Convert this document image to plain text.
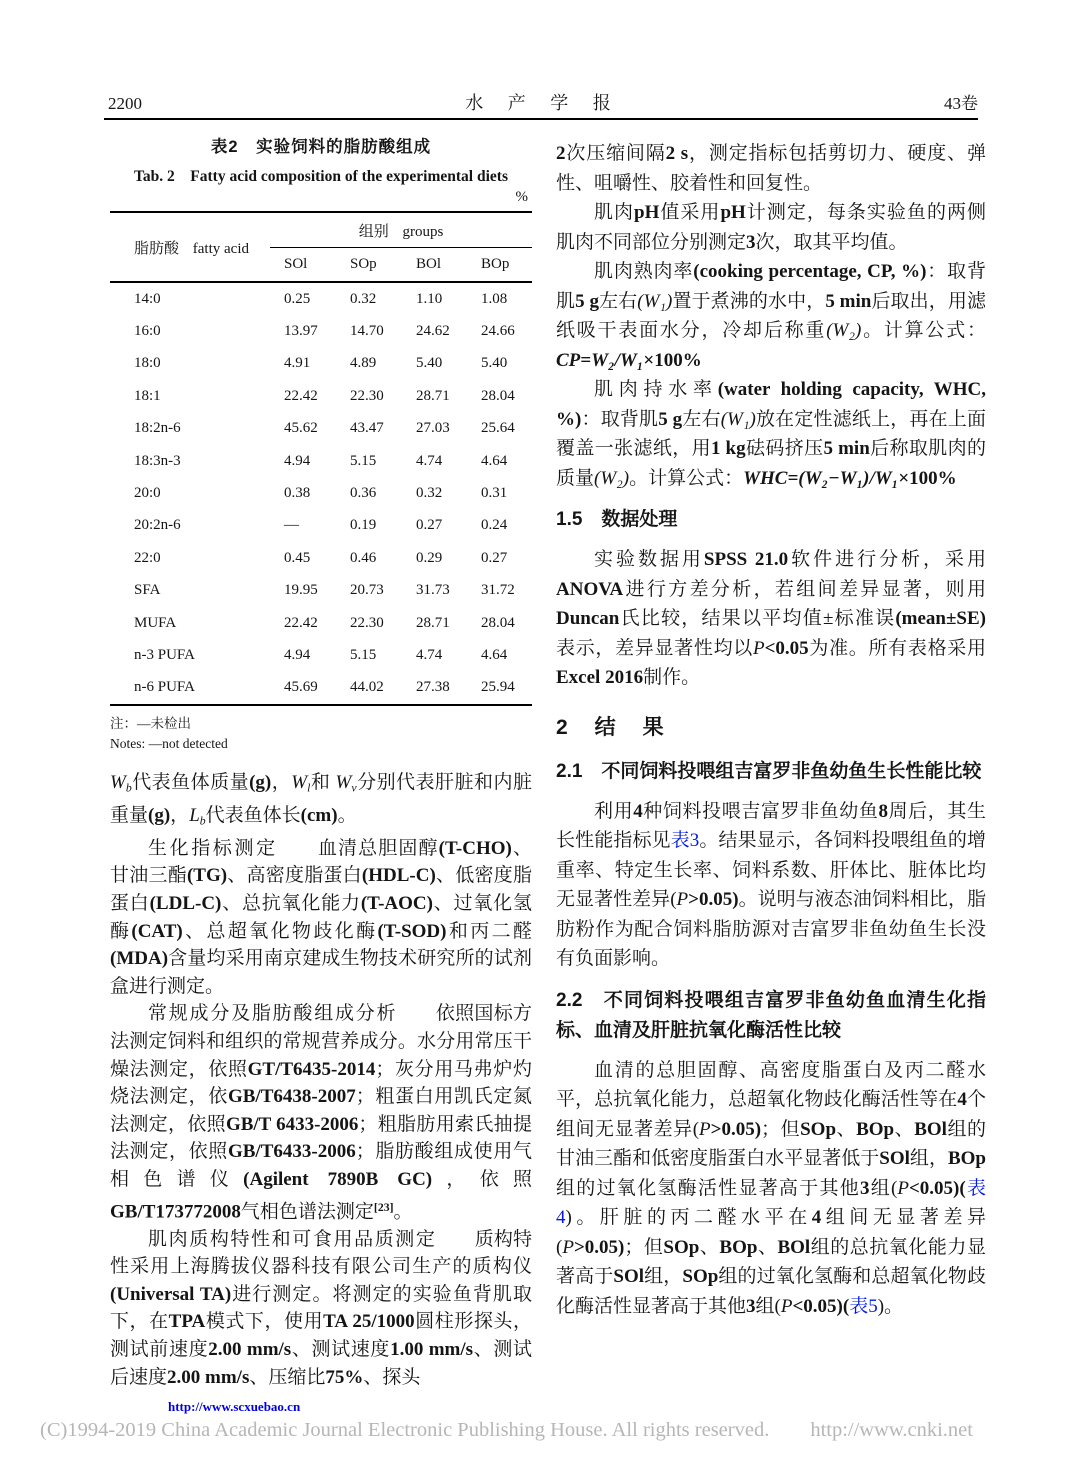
2200	水 产 学 报	43卷
表2　实验饲料的脂肪酸组成
Tab. 2　Fatty acid composition of the experimental diets
%
脂肪酸 fatty acid	组别 groups			
	SOl	SOp	BOl	BOp
14:0	0.25	0.32	1.10	1.08
16:0	13.97	14.70	24.62	24.66
18:0	4.91	4.89	5.40	5.40
18:1	22.42	22.30	28.71	28.04
18:2n-6	45.62	43.47	27.03	25.64
18:3n-3	4.94	5.15	4.74	4.64
20:0	0.38	0.36	0.32	0.31
20:2n-6	—	0.19	0.27	0.24
22:0	0.45	0.46	0.29	0.27
SFA	19.95	20.73	31.73	31.72
MUFA	22.42	22.30	28.71	28.04
n-3 PUFA	4.94	5.15	4.74	4.64
n-6 PUFA	45.69	44.02	27.38	25.94
注：—未检出
Notes: —not detected
$W_b$代表鱼体质量(g)，$W_l$和 $W_v$分别代表肝脏和内脏重量(g)，$L_b$代表鱼体长(cm)。
生化指标测定　　 血清总胆固醇(T-CHO)、甘油三酯(TG)、高密度脂蛋白(HDL-C)、低密度脂蛋白(LDL-C)、总抗氧化能力(T-AOC)、过氧化氢酶(CAT)、总超氧化物歧化酶(T-SOD)和丙二醛(MDA)含量均采用南京建成生物技术研究所的试剂盒进行测定。
常规成分及脂肪酸组成分析　　 依照国标方法测定饲料和组织的常规营养成分。水分用常压干燥法测定，依照GT/T6435-2014；灰分用马弗炉灼烧法测定，依GB/T6438-2007；粗蛋白用凯氏定氮法测定，依照GB/T 6433-2006；粗脂肪用索氏抽提法测定，依照GB/T6433-2006；脂肪酸组成使用气相色谱仪(Agilent 7890B GC)，依照GB/T173772008气相色谱法测定[23]。
肌肉质构特性和可食用品质测定　　 质构特性采用上海腾拔仪器科技有限公司生产的质构仪(Universal TA)进行测定。将测定的实验鱼背肌取下，在TPA模式下，使用TA 25/1000圆柱形探头，测试前速度2.00 mm/s、测试速度1.00 mm/s、测试后速度2.00 mm/s、压缩比75%、探头
2次压缩间隔2 s，测定指标包括剪切力、硬度、弹性、咀嚼性、胶着性和回复性。
肌肉pH值采用pH计测定，每条实验鱼的两侧肌肉不同部位分别测定3次，取其平均值。
肌肉熟肉率(cooking percentage, CP, %)：取背肌5 g左右(W₁)置于煮沸的水中，5 min后取出，用滤纸吸干表面水分，冷却后称重(W₂)。计算公式：CP=W₂/W₁×100%
肌肉持水率(water holding capacity, WHC, %)：取背肌5 g左右(W₁)放在定性滤纸上，再在上面覆盖一张滤纸，用1 kg砝码挤压5 min后称取肌肉的质量(W₂)。计算公式：WHC=(W₂−W₁)/W₁×100%
1.5　数据处理
实验数据用SPSS 21.0软件进行分析，采用ANOVA进行方差分析，若组间差异显著，则用Duncan氏比较，结果以平均值±标准误(mean±SE)表示，差异显著性均以P<0.05为准。所有表格采用Excel 2016制作。
2　结　果
2.1　不同饲料投喂组吉富罗非鱼幼鱼生长性能比较
利用4种饲料投喂吉富罗非鱼幼鱼8周后，其生长性能指标见表3。结果显示，各饲料投喂组鱼的增重率、特定生长率、饲料系数、肝体比、脏体比均无显著性差异(P>0.05)。说明与液态油饲料相比，脂肪粉作为配合饲料脂肪源对吉富罗非鱼幼鱼生长没有负面影响。
2.2　不同饲料投喂组吉富罗非鱼幼鱼血清生化指标、血清及肝脏抗氧化酶活性比较
血清的总胆固醇、高密度脂蛋白及丙二醛水平，总抗氧化能力，总超氧化物歧化酶活性等在4个组间无显著差异(P>0.05)；但SOp、BOp、BOl组的甘油三酯和低密度脂蛋白水平显著低于SOl组，BOp组的过氧化氢酶活性显著高于其他3组(P<0.05)(表4)。肝脏的丙二醛水平在4组间无显著差异(P>0.05)；但SOp、BOp、BOl组的总抗氧化能力显著高于SOl组，SOp组的过氧化氢酶和总超氧化物歧化酶活性显著高于其他3组(P<0.05)(表5)。
http://www.scxuebao.cn
(C)1994-2019 China Academic Journal Electronic Publishing House. All rights reserved.　　http://www.cnki.net
